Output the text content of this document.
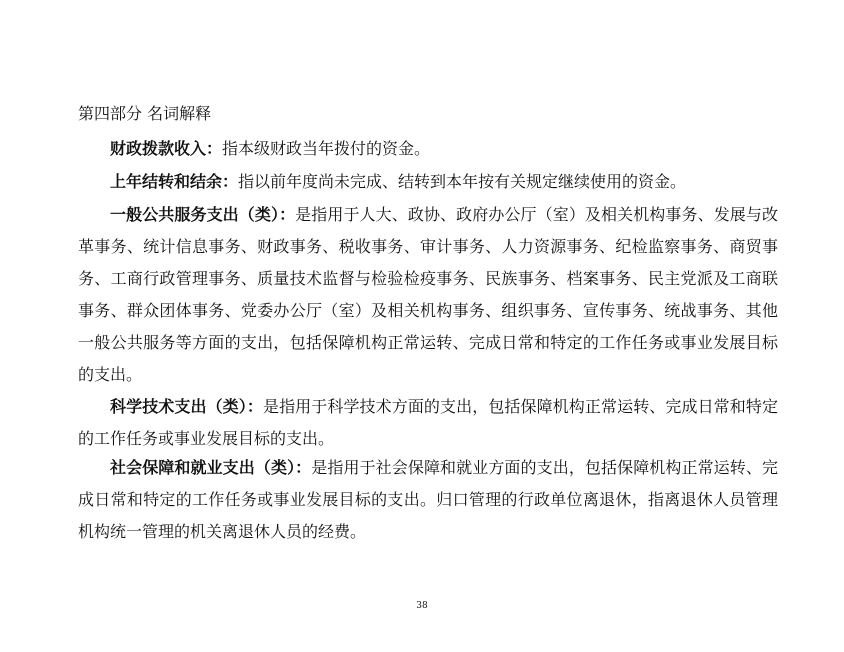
第四部分 名词解释

财政拨款收入：指本级财政当年拨付的资金。

上年结转和结余：指以前年度尚未完成、结转到本年按有关规定继续使用的资金。

一般公共服务支出（类）：是指用于人大、政协、政府办公厅（室）及相关机构事务、发展与改革事务、统计信息事务、财政事务、税收事务、审计事务、人力资源事务、纪检监察事务、商贸事务、工商行政管理事务、质量技术监督与检验检疫事务、民族事务、档案事务、民主党派及工商联事务、群众团体事务、党委办公厅（室）及相关机构事务、组织事务、宣传事务、统战事务、其他一般公共服务等方面的支出，包括保障机构正常运转、完成日常和特定的工作任务或事业发展目标的支出。

科学技术支出（类）：是指用于科学技术方面的支出，包括保障机构正常运转、完成日常和特定的工作任务或事业发展目标的支出。

社会保障和就业支出（类）：是指用于社会保障和就业方面的支出，包括保障机构正常运转、完成日常和特定的工作任务或事业发展目标的支出。归口管理的行政单位离退休，指离退休人员管理机构统一管理的机关离退休人员的经费。

38
